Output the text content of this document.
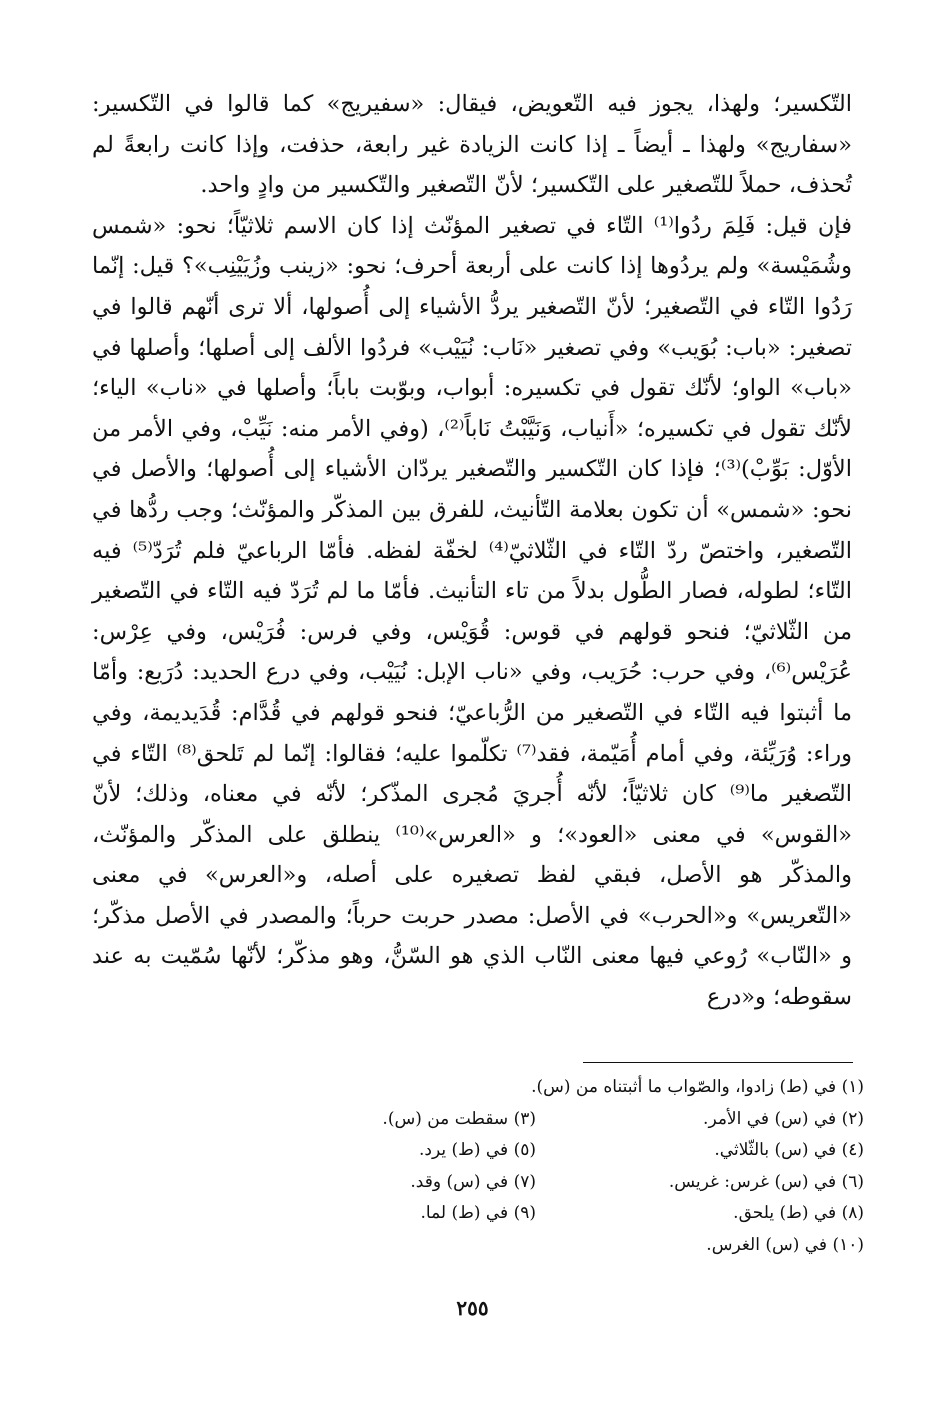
التّكسير؛ ولهذا، يجوز فيه التّعويض، فيقال: «سفيريج» كما قالوا في التّكسير: «سفاريج» ولهذا ـ أيضاً ـ إذا كانت الزيادة غير رابعة، حذفت، وإذا كانت رابعةً لم تُحذف، حملاً للتّصغير على التّكسير؛ لأنّ التّصغير والتّكسير من وادٍ واحد.

فإن قيل: فَلِمَ ردُوا⁽¹⁾ التّاء في تصغير المؤنّث إذا كان الاسم ثلاثيّاً؛ نحو: «شمس وشُمَيْسة» ولم يردُوها إذا كانت على أربعة أحرف؛ نحو: «زينب وزُيَيْنِب»؟ قيل: إنّما رَدُوا التّاء في التّصغير؛ لأنّ التّصغير يردُّ الأشياء إلى أُصولها، ألا ترى أنّهم قالوا في تصغير: «باب: بُوَيب» وفي تصغير «نَاب: نُيَيْب» فردُوا الألف إلى أصلها؛ وأصلها في «باب» الواو؛ لأنّك تقول في تكسيره: أبواب، وبوّبت باباً؛ وأصلها في «ناب» الياء؛ لأنّك تقول في تكسيره؛ «أَنياب، وَنَيَّبْتُ نَاباً⁽²⁾، (وفي الأمر منه: نَيِّبْ، وفي الأمر من الأوّل: بَوِّبْ)⁽³⁾؛ فإذا كان التّكسير والتّصغير يردّان الأشياء إلى أُصولها؛ والأصل في نحو: «شمس» أن تكون بعلامة التّأنيث، للفرق بين المذكّر والمؤنّث؛ وجب ردُّها في التّصغير، واختصّ ردّ التّاء في الثّلاثيّ⁽⁴⁾ لخفّة لفظه. فأمّا الرباعيّ فلم تُرَدّ⁽⁵⁾ فيه التّاء؛ لطوله، فصار الطُّول بدلاً من تاء التأنيث. فأمّا ما لم تُرَدّ فيه التّاء في التّصغير من الثّلاثيّ؛ فنحو قولهم في قوس: قُوَيْس، وفي فرس: فُرَيْس، وفي عِرْس: عُرَيْس⁽⁶⁾، وفي حرب: حُرَيب، وفي «ناب الإبل: نُيَيْب، وفي درع الحديد: دُرَيع: وأمّا ما أثبتوا فيه التّاء في التّصغير من الرُّباعيّ؛ فنحو قولهم في قُدَّام: قُدَيديمة، وفي وراء: وُرَيِّئة، وفي أمام أُمَيّمة، فقد⁽⁷⁾ تكلّموا عليه؛ فقالوا: إنّما لم تَلحق⁽⁸⁾ التّاء في التّصغير ما⁽⁹⁾ كان ثلاثيّاً؛ لأنّه أُجريَ مُجرى المذّكر؛ لأنّه في معناه، وذلك؛ لأنّ «القوس» في معنى «العود»؛ و «العرس»⁽¹⁰⁾ ينطلق على المذكّر والمؤنّث، والمذكّر هو الأصل، فبقي لفظ تصغيره على أصله، و«العرس» في معنى «التّعريس» و«الحرب» في الأصل: مصدر حربت حرباً؛ والمصدر في الأصل مذكّر؛ و «النّاب» رُوعي فيها معنى النّاب الذي هو السّنُّ، وهو مذكّر؛ لأنّها سُمّيت به عند سقوطه؛ و«درع

(١) في (ط) زادوا، والصّواب ما أثبتناه من (س).
(٢) في (س) في الأمر.
(٣) سقطت من (س).
(٤) في (س) بالثّلاثي.
(٥) في (ط) يرد.
(٦) في (س) غرس: غريس.
(٧) في (س) وقد.
(٨) في (ط) يلحق.
(٩) في (ط) لما.
(١٠) في (س) الغرس.
٢٥٥
